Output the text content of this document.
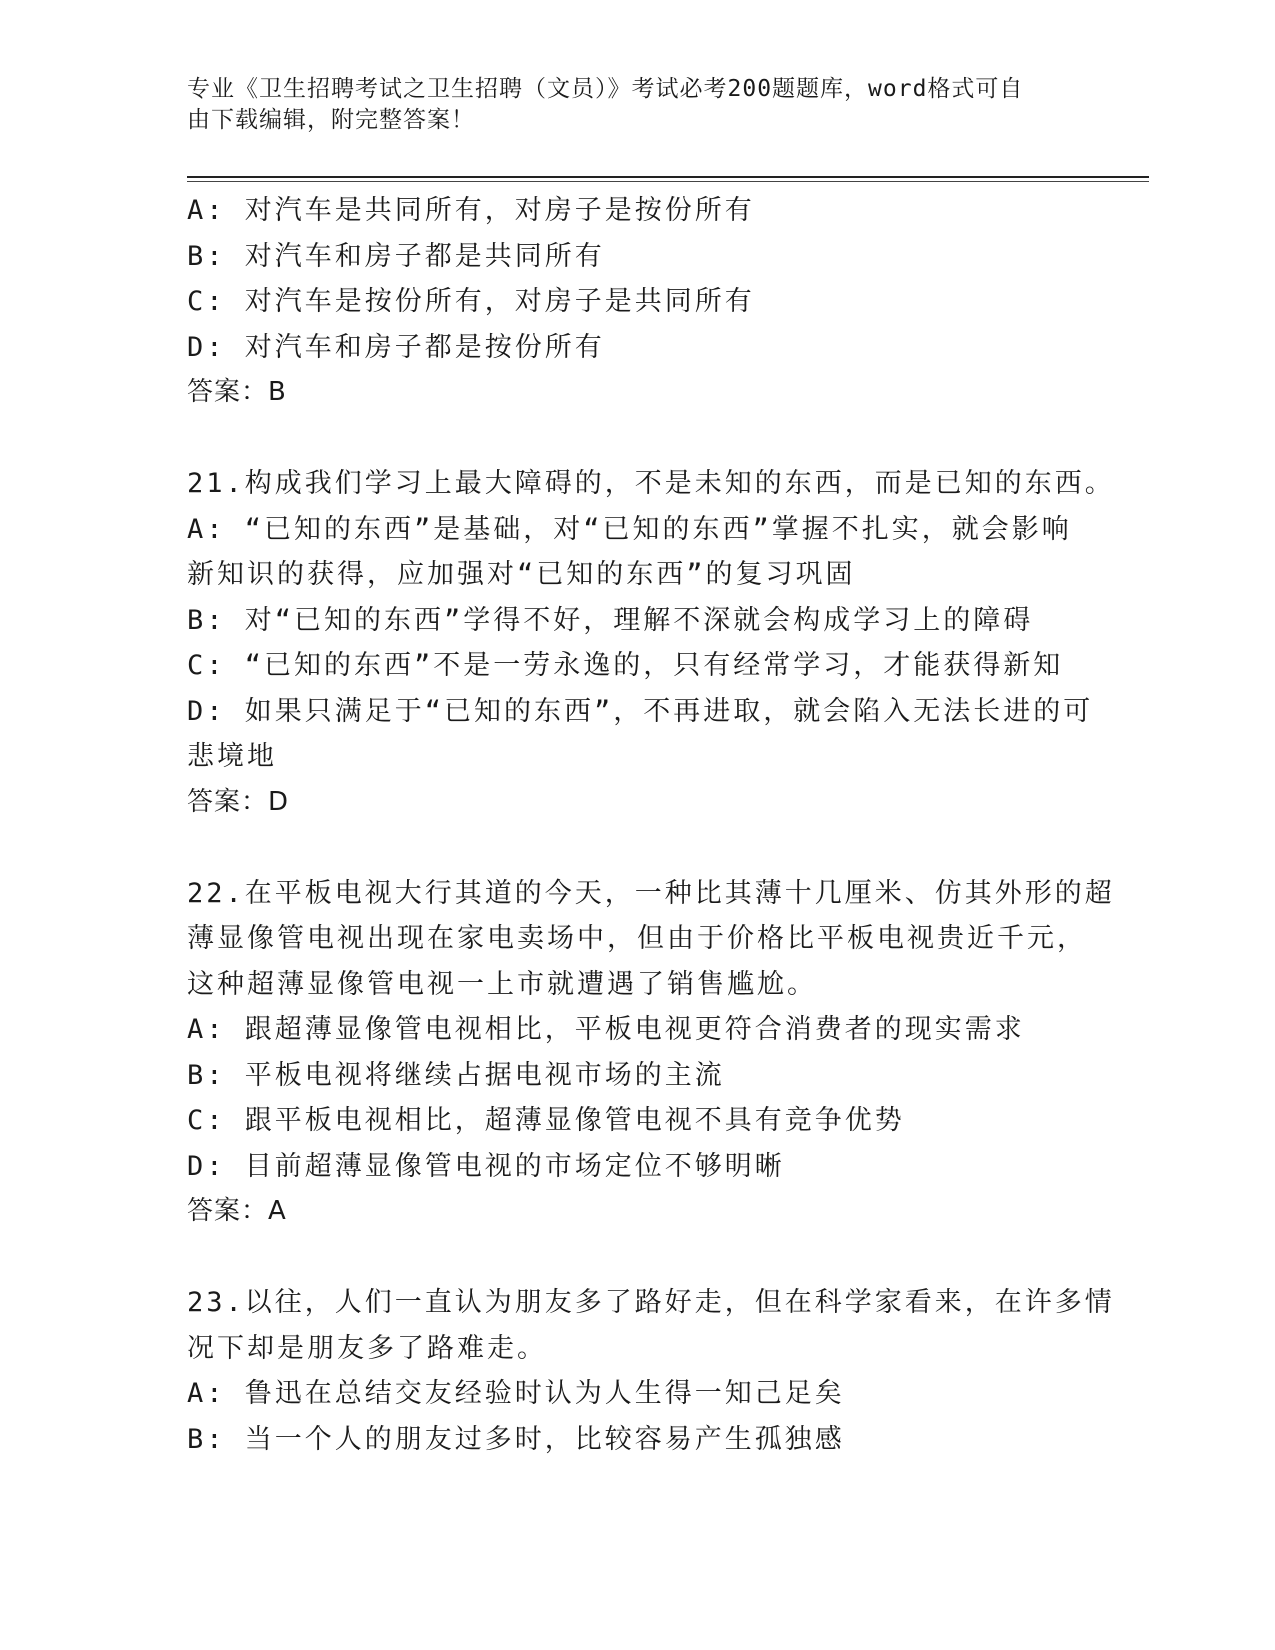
专业《卫生招聘考试之卫生招聘（文员）》考试必考200题题库，word格式可自
由下载编辑，附完整答案！
A: 对汽车是共同所有，对房子是按份所有
B: 对汽车和房子都是共同所有
C: 对汽车是按份所有，对房子是共同所有
D: 对汽车和房子都是按份所有
答案：B
21.构成我们学习上最大障碍的，不是未知的东西，而是已知的东西。
A: “已知的东西”是基础，对“已知的东西”掌握不扎实，就会影响
新知识的获得，应加强对“已知的东西”的复习巩固
B: 对“已知的东西”学得不好，理解不深就会构成学习上的障碍
C: “已知的东西”不是一劳永逸的，只有经常学习，才能获得新知
D: 如果只满足于“已知的东西”，不再进取，就会陷入无法长进的可
悲境地
答案：D
22.在平板电视大行其道的今天，一种比其薄十几厘米、仿其外形的超
薄显像管电视出现在家电卖场中，但由于价格比平板电视贵近千元，
这种超薄显像管电视一上市就遭遇了销售尴尬。
A: 跟超薄显像管电视相比，平板电视更符合消费者的现实需求
B: 平板电视将继续占据电视市场的主流
C: 跟平板电视相比，超薄显像管电视不具有竞争优势
D: 目前超薄显像管电视的市场定位不够明晰
答案：A
23.以往，人们一直认为朋友多了路好走，但在科学家看来，在许多情
况下却是朋友多了路难走。
A: 鲁迅在总结交友经验时认为人生得一知己足矣
B: 当一个人的朋友过多时，比较容易产生孤独感
